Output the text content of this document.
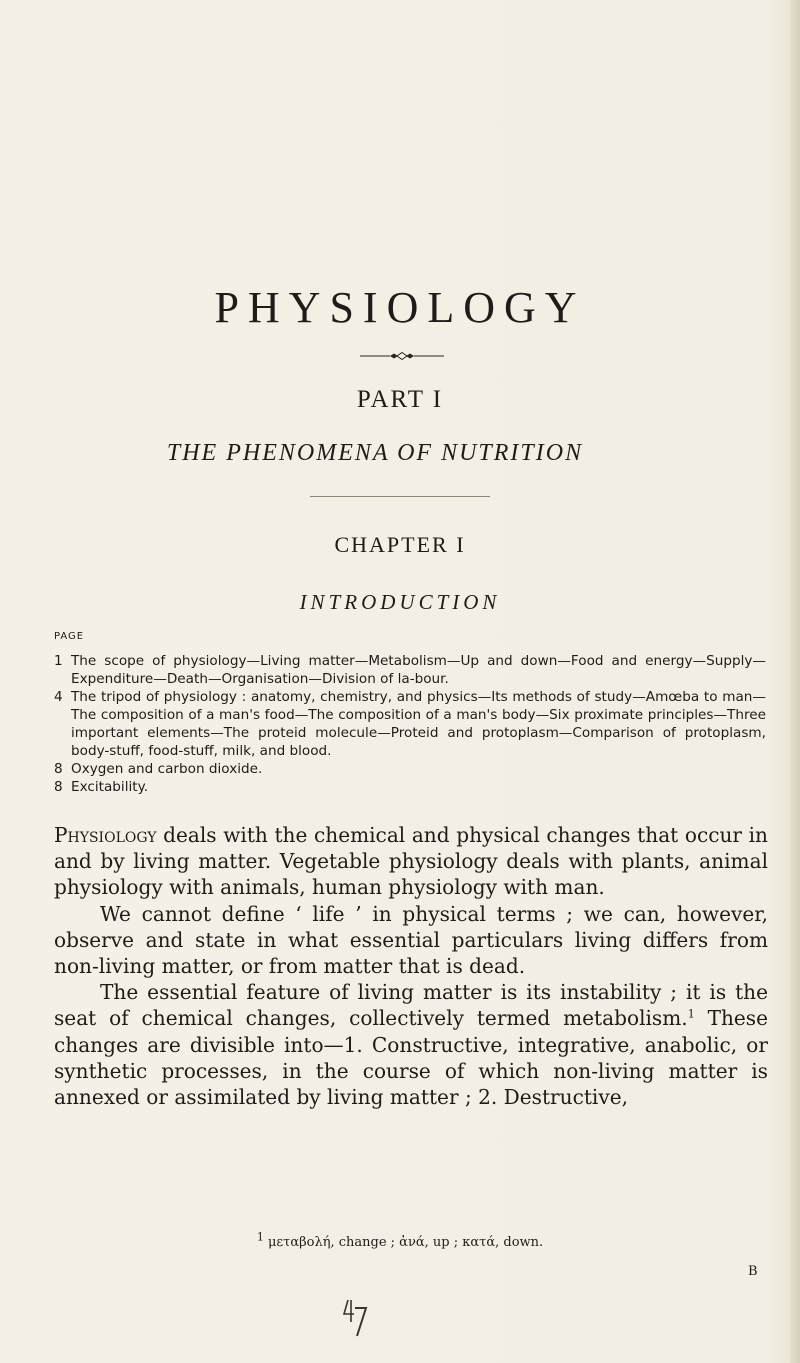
PHYSIOLOGY
PART I
THE PHENOMENA OF NUTRITION
CHAPTER I
INTRODUCTION
PAGE
1 The scope of physiology—Living matter—Metabolism—Up and down—Food and energy—Supply—Expenditure—Death—Organisation—Division of la-bour.
4 The tripod of physiology : anatomy, chemistry, and physics—Its methods of study—Amœba to man—The composition of a man's food—The composition of a man's body—Six proximate principles—Three important elements—The proteid molecule—Proteid and protoplasm—Comparison of protoplasm, body-stuff, food-stuff, milk, and blood.
8 Oxygen and carbon dioxide.
8 Excitability.

Physiology deals with the chemical and physical changes that occur in and by living matter. Vegetable physiology deals with plants, animal physiology with animals, human physiology with man.

We cannot define ‘ life ’ in physical terms ; we can, however, observe and state in what essential particulars living differs from non-living matter, or from matter that is dead.

The essential feature of living matter is its instability ; it is the seat of chemical changes, collectively termed metabolism.$^1$ These changes are divisible into—1. Constructive, integrative, anabolic, or synthetic processes, in the course of which non-living matter is annexed or assimilated by living matter ; 2. Destructive,

$^1$ μεταβολή, change ; ἀνά, up ; κατά, down.
B
